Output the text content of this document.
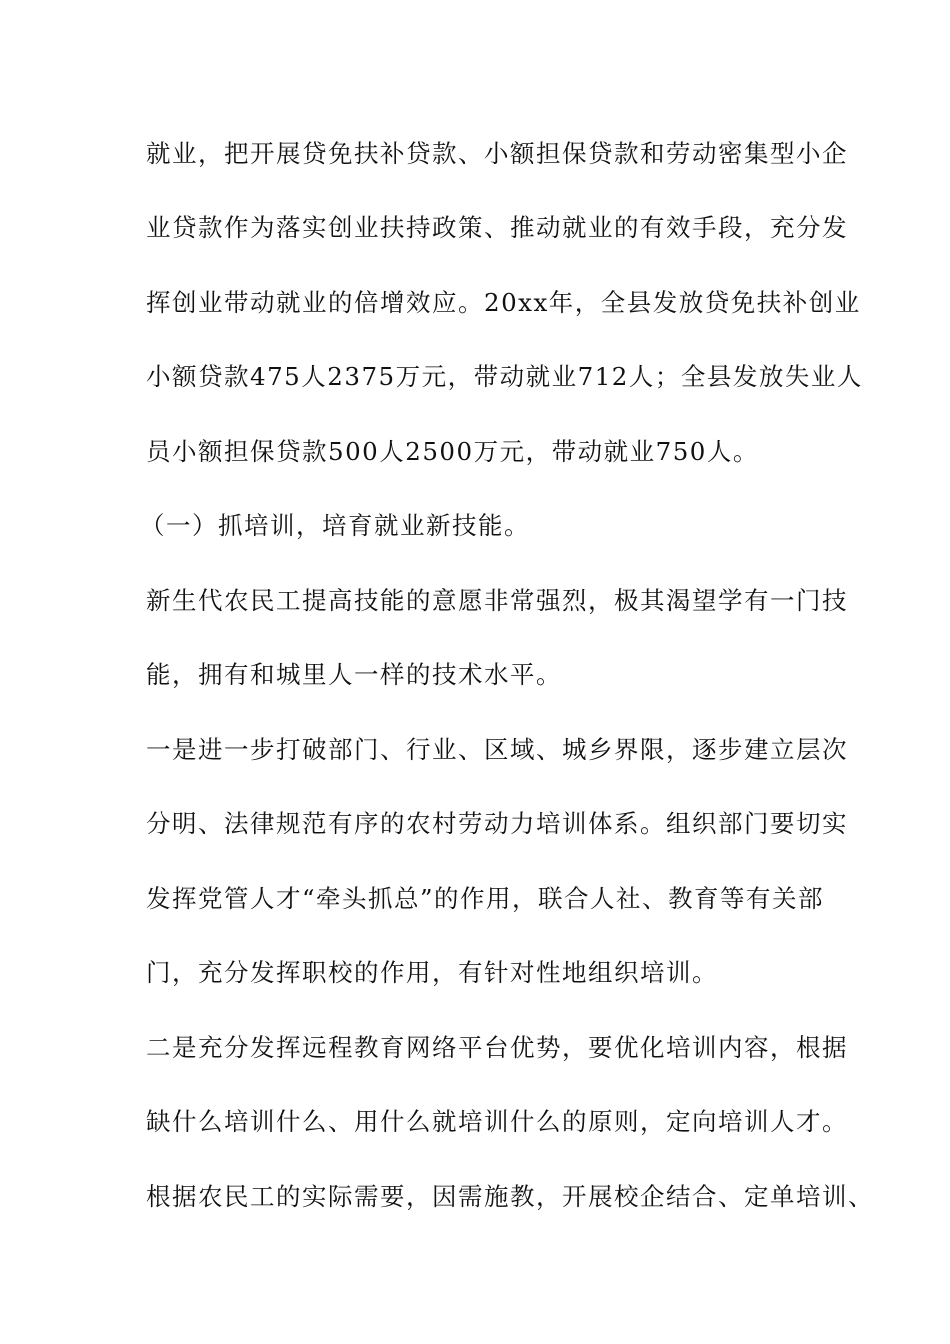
就业，把开展贷免扶补贷款、小额担保贷款和劳动密集型小企
业贷款作为落实创业扶持政策、推动就业的有效手段，充分发
挥创业带动就业的倍增效应。20xx年，全县发放贷免扶补创业
小额贷款475人2375万元，带动就业712人；全县发放失业人
员小额担保贷款500人2500万元，带动就业750人。
（一）抓培训，培育就业新技能。
新生代农民工提高技能的意愿非常强烈，极其渴望学有一门技
能，拥有和城里人一样的技术水平。
一是进一步打破部门、行业、区域、城乡界限，逐步建立层次
分明、法律规范有序的农村劳动力培训体系。组织部门要切实
发挥党管人才“牵头抓总”的作用，联合人社、教育等有关部
门，充分发挥职校的作用，有针对性地组织培训。
二是充分发挥远程教育网络平台优势，要优化培训内容，根据
缺什么培训什么、用什么就培训什么的原则，定向培训人才。
根据农民工的实际需要，因需施教，开展校企结合、定单培训、
